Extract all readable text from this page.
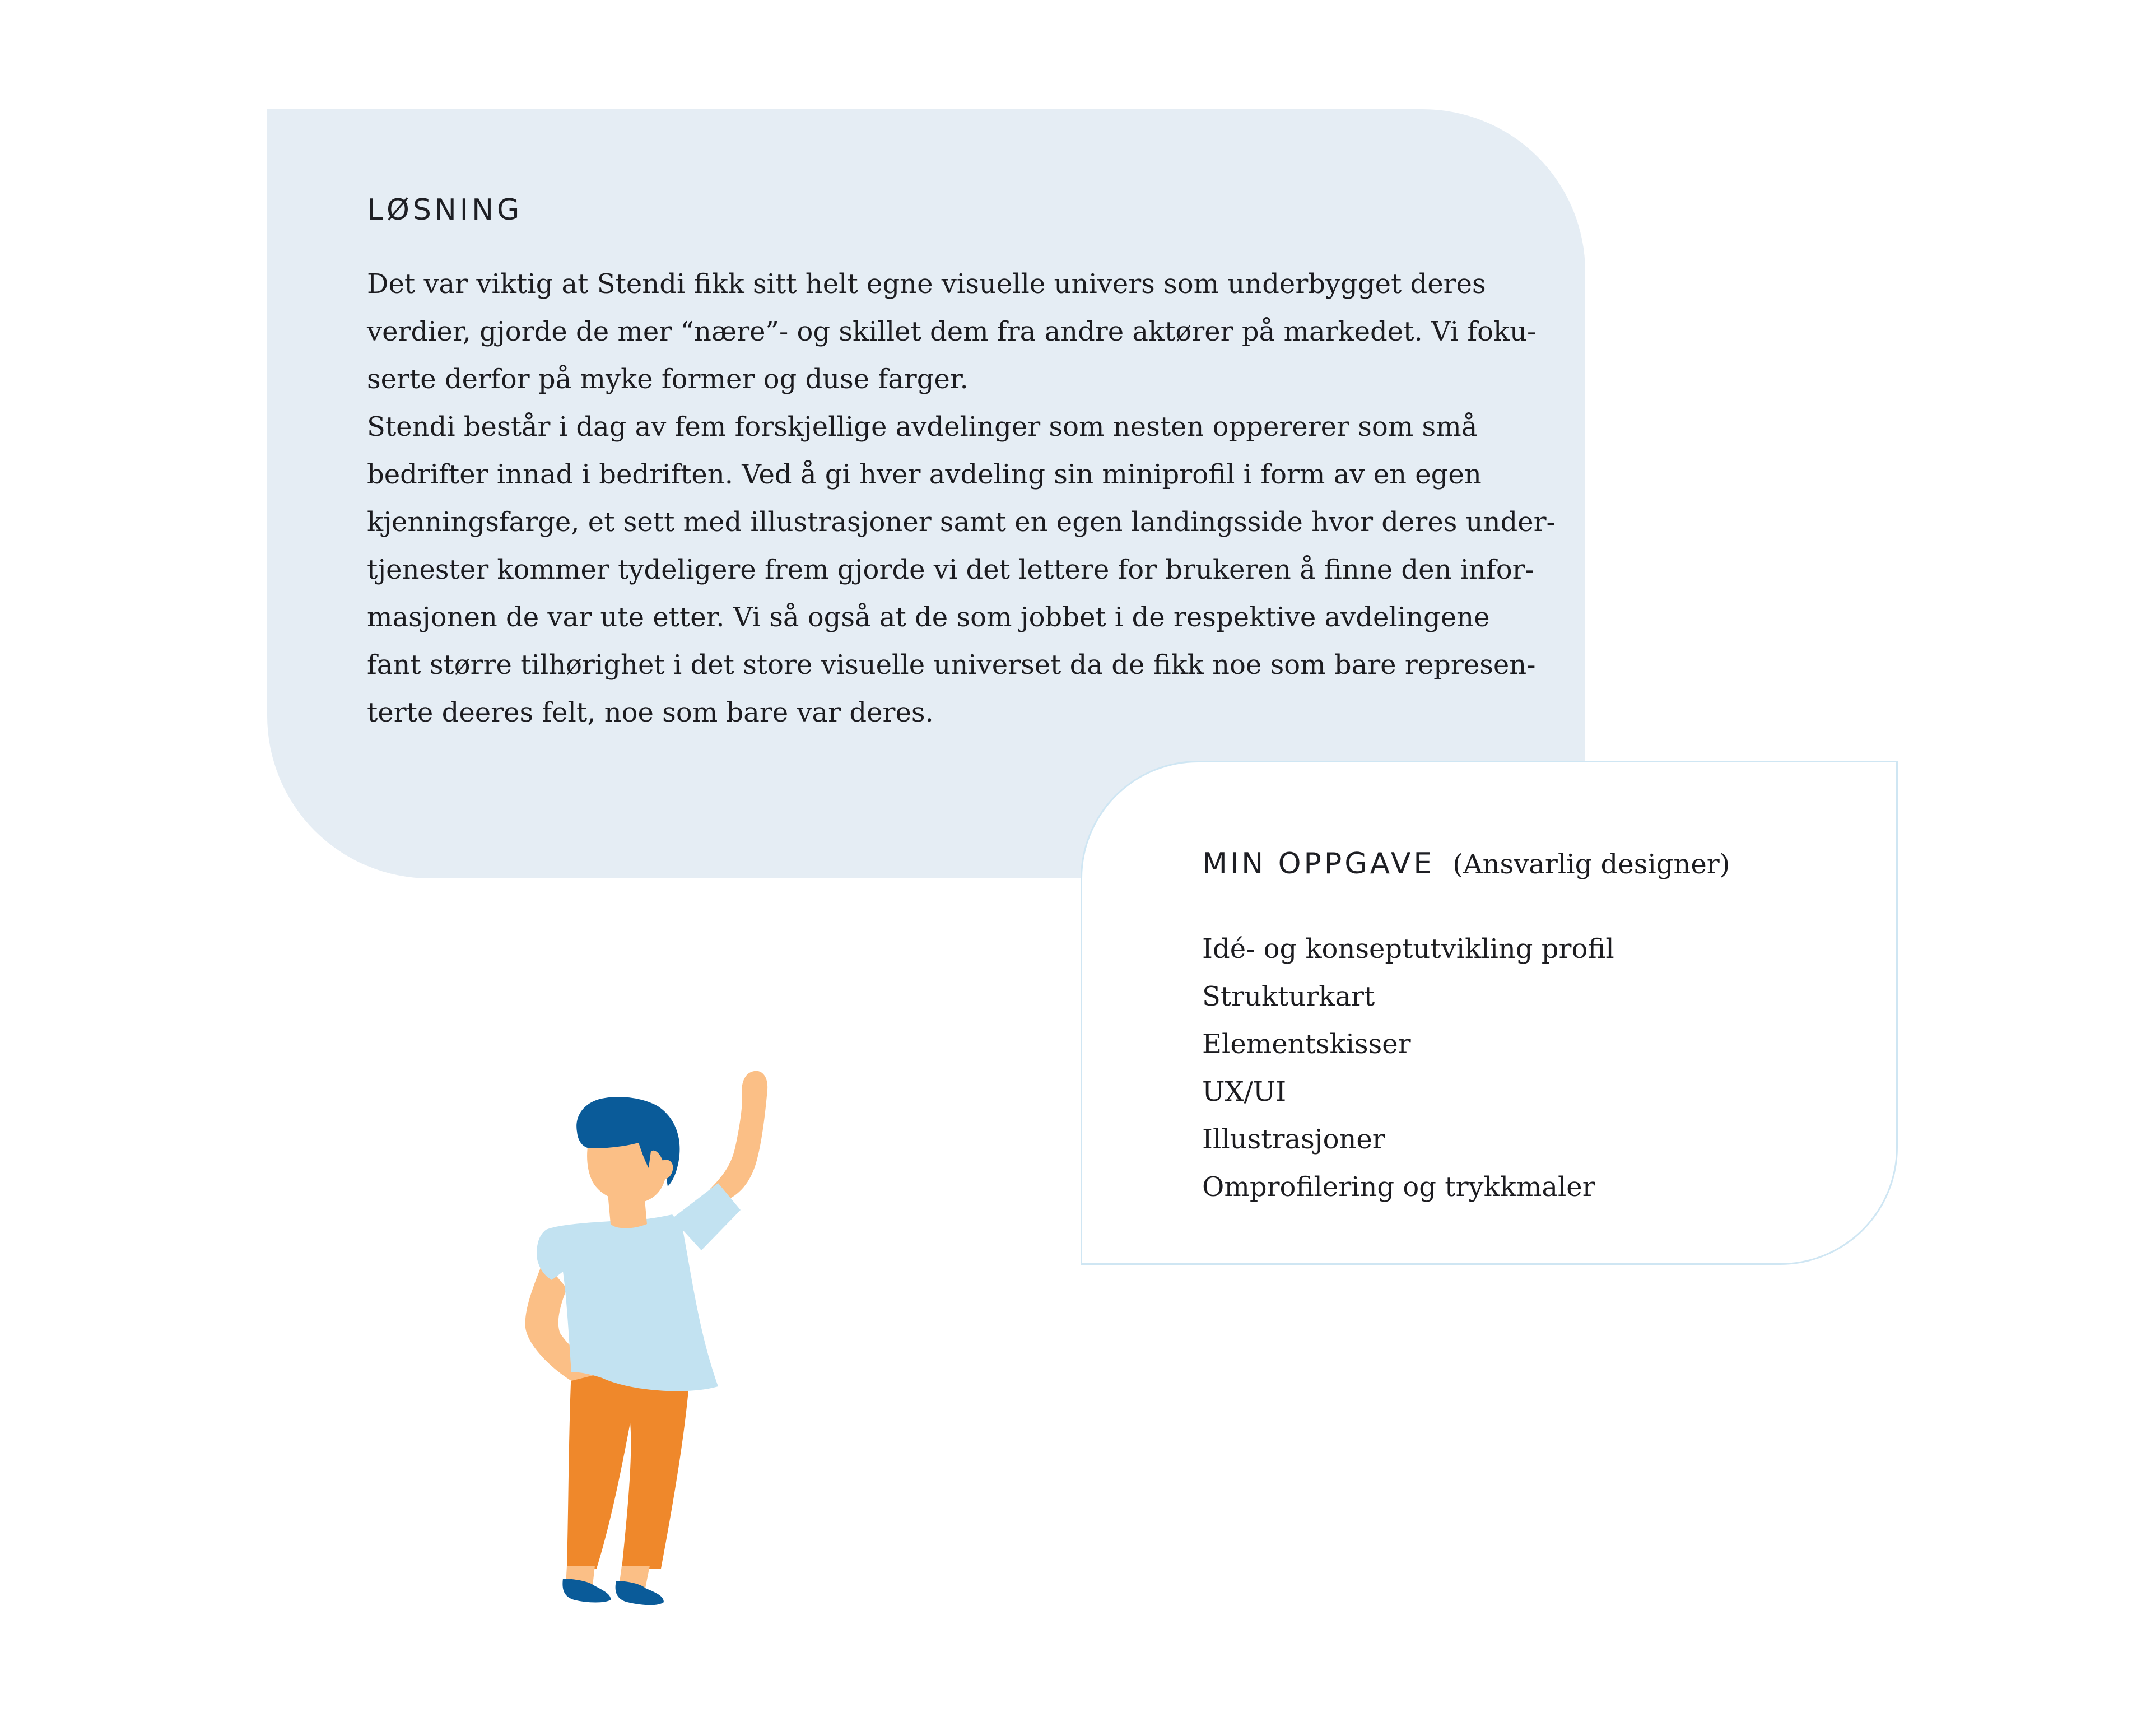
LØSNING
Det var viktig at Stendi fikk sitt helt egne visuelle univers som underbygget deres
verdier, gjorde de mer “nære”- og skillet dem fra andre aktører på markedet. Vi foku-
serte derfor på myke former og duse farger.
Stendi består i dag av fem forskjellige avdelinger som nesten oppererer som små
bedrifter innad i bedriften. Ved å gi hver avdeling sin miniprofil i form av en egen
kjenningsfarge, et sett med illustrasjoner samt en egen landingsside hvor deres under-
tjenester kommer tydeligere frem gjorde vi det lettere for brukeren å finne den infor-
masjonen de var ute etter. Vi så også at de som jobbet i de respektive avdelingene
fant større tilhørighet i det store visuelle universet da de fikk noe som bare represen-
terte deeres felt, noe som bare var deres.
MIN OPPGAVE (Ansvarlig designer)
Idé- og konseptutvikling profil
Strukturkart
Elementskisser
UX/UI
Illustrasjoner
Omprofilering og trykkmaler
